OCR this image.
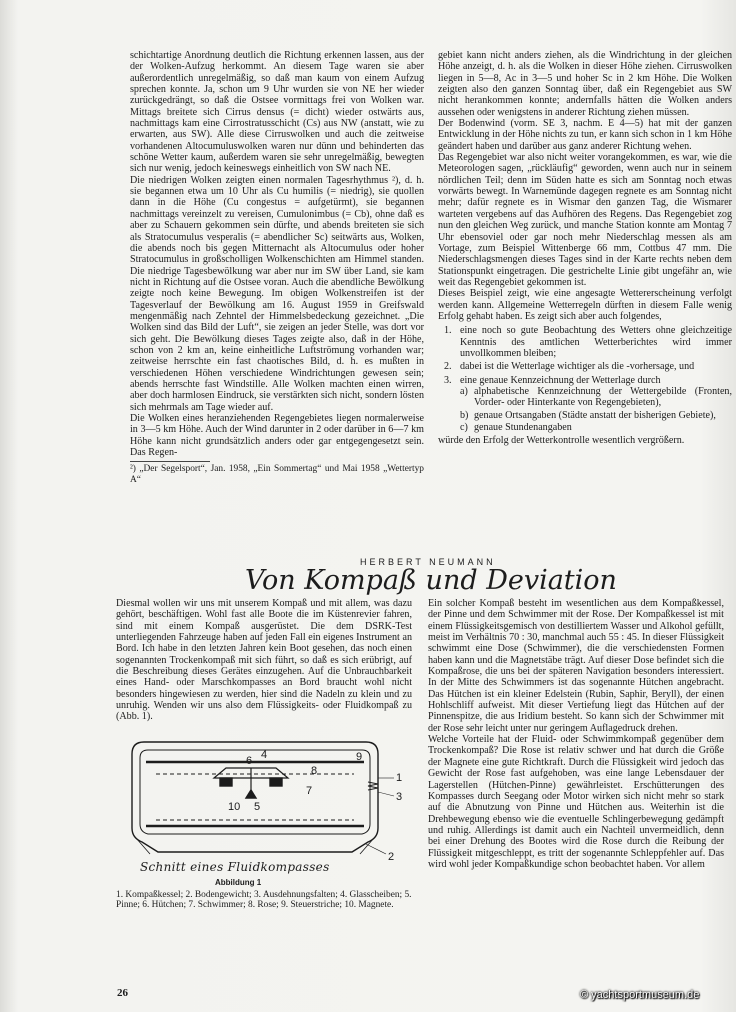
schichtartige Anordnung deutlich die Richtung erkennen lassen, aus der der Wolken-Aufzug herkommt. An diesem Tage waren sie aber außerordentlich unregelmäßig, so daß man kaum von einem Aufzug sprechen konnte. Ja, schon um 9 Uhr wurden sie von NE her wieder zurückgedrängt, so daß die Ostsee vormittags frei von Wolken war. Mittags breitete sich Cirrus densus (= dicht) wieder ostwärts aus, nachmittags kam eine Cirrostratusschicht (Cs) aus NW (anstatt, wie zu erwarten, aus SW). Alle diese Cirruswolken und auch die zeitweise vorhandenen Altocumuluswolken waren nur dünn und behinderten das schöne Wetter kaum, außerdem waren sie sehr unregelmäßig, bewegten sich nur wenig, jedoch keineswegs einheitlich von SW nach NE.

Die niedrigen Wolken zeigten einen normalen Tagesrhythmus ²), d. h. sie begannen etwa um 10 Uhr als Cu humilis (= niedrig), sie quollen dann in die Höhe (Cu congestus = aufgetürmt), sie begannen nachmittags vereinzelt zu vereisen, Cumulonimbus (= Cb), ohne daß es aber zu Schauern gekommen sein dürfte, und abends breiteten sie sich als Stratocumulus vesperalis (= abendlicher Sc) seitwärts aus, Wolken, die abends noch bis gegen Mitternacht als Altocumulus oder hoher Stratocumulus in großscholligen Wolkenschichten am Himmel standen. Die niedrige Tagesbewölkung war aber nur im SW über Land, sie kam nicht in Richtung auf die Ostsee voran. Auch die abendliche Bewölkung zeigte noch keine Bewegung. Im obigen Wolkenstreifen ist der Tagesverlauf der Bewölkung am 16. August 1959 in Greifswald mengenmäßig nach Zehntel der Himmelsbedeckung gezeichnet. „Die Wolken sind das Bild der Luft“, sie zeigen an jeder Stelle, was dort vor sich geht. Die Bewölkung dieses Tages zeigte also, daß in der Höhe, schon von 2 km an, keine einheitliche Luftströmung vorhanden war; zeitweise herrschte ein fast chaotisches Bild, d. h. es mußten in verschiedenen Höhen verschiedene Windrichtungen gewesen sein; abends herrschte fast Windstille. Alle Wolken machten einen wirren, aber doch harmlosen Eindruck, sie verstärkten sich nicht, sondern lösten sich mehrmals am Tage wieder auf.

Die Wolken eines heranziehenden Regengebietes liegen normalerweise in 3—5 km Höhe. Auch der Wind darunter in 2 oder darüber in 6—7 km Höhe kann nicht grundsätzlich anders oder gar entgegengesetzt sein. Das Regen-

²) „Der Segelsport“, Jan. 1958, „Ein Sommertag“ und Mai 1958 „Wettertyp A“

gebiet kann nicht anders ziehen, als die Windrichtung in der gleichen Höhe anzeigt, d. h. als die Wolken in dieser Höhe ziehen. Cirruswolken liegen in 5—8, Ac in 3—5 und hoher Sc in 2 km Höhe. Die Wolken zeigten also den ganzen Sonntag über, daß ein Regengebiet aus SW nicht herankommen konnte; andernfalls hätten die Wolken anders aussehen oder wenigstens in anderer Richtung ziehen müssen.

Der Bodenwind (vorm. SE 3, nachm. E 4—5) hat mit der ganzen Entwicklung in der Höhe nichts zu tun, er kann sich schon in 1 km Höhe geändert haben und darüber aus ganz anderer Richtung wehen.

Das Regengebiet war also nicht weiter vorangekommen, es war, wie die Meteorologen sagen, „rückläufig“ geworden, wenn auch nur in seinem nördlichen Teil; denn im Süden hatte es sich am Sonntag noch etwas vorwärts bewegt. In Warnemünde dagegen regnete es am Sonntag nicht mehr; dafür regnete es in Wismar den ganzen Tag, die Wismarer warteten vergebens auf das Aufhören des Regens. Das Regengebiet zog nun den gleichen Weg zurück, und manche Station konnte am Montag 7 Uhr ebensoviel oder gar noch mehr Niederschlag messen als am Vortage, zum Beispiel Wittenberge 66 mm, Cottbus 47 mm. Die Niederschlagsmengen dieses Tages sind in der Karte rechts neben dem Stationspunkt eingetragen. Die gestrichelte Linie gibt ungefähr an, wie weit das Regengebiet gekommen ist.

Dieses Beispiel zeigt, wie eine angesagte Wettererscheinung verfolgt werden kann. Allgemeine Wetterregeln dürften in diesem Falle wenig Erfolg gehabt haben. Es zeigt sich aber auch folgendes,

1. eine noch so gute Beobachtung des Wetters ohne gleichzeitige Kenntnis des amtlichen Wetterberichtes wird immer unvollkommen bleiben;
2. dabei ist die Wetterlage wichtiger als die -vorhersage, und
3. eine genaue Kennzeichnung der Wetterlage durch
a) alphabetische Kennzeichnung der Wettergebilde (Fronten, Vorder- oder Hinterkante von Regengebieten),
b) genaue Ortsangaben (Städte anstatt der bisherigen Gebiete),
c) genaue Stundenangaben

würde den Erfolg der Wetterkontrolle wesentlich vergrößern.

HERBERT NEUMANN
Von Kompaß und Deviation

Diesmal wollen wir uns mit unserem Kompaß und mit allem, was dazu gehört, beschäftigen. Wohl fast alle Boote die im Küstenrevier fahren, sind mit einem Kompaß ausgerüstet. Die dem DSRK-Test unterliegenden Fahrzeuge haben auf jeden Fall ein eigenes Instrument an Bord. Ich habe in den letzten Jahren kein Boot gesehen, das noch einen sogenannten Trockenkompaß mit sich führt, so daß es sich erübrigt, auf die Beschreibung dieses Gerätes einzugehen. Auf die Unbrauchbarkeit eines Hand- oder Marschkompasses an Bord braucht wohl nicht besonders hingewiesen zu werden, hier sind die Nadeln zu klein und zu unruhig. Wenden wir uns also dem Flüssigkeits- oder Fluidkompaß zu (Abb. 1).

1
2
3
4
5
6
7
8
9
10
Schnitt eines Fluidkompasses
Abbildung 1
1. Kompaßkessel; 2. Bodengewicht; 3. Ausdehnungsfalten; 4. Glasscheiben; 5. Pinne; 6. Hütchen; 7. Schwimmer; 8. Rose; 9. Steuerstriche; 10. Magnete.

Ein solcher Kompaß besteht im wesentlichen aus dem Kompaßkessel, der Pinne und dem Schwimmer mit der Rose. Der Kompaßkessel ist mit einem Flüssigkeitsgemisch von destilliertem Wasser und Alkohol gefüllt, meist im Verhältnis 70 : 30, manchmal auch 55 : 45. In dieser Flüssigkeit schwimmt eine Dose (Schwimmer), die die verschiedensten Formen haben kann und die Magnetstäbe trägt. Auf dieser Dose befindet sich die Kompaßrose, die uns bei der späteren Navigation besonders interessiert. In der Mitte des Schwimmers ist das sogenannte Hütchen angebracht. Das Hütchen ist ein kleiner Edelstein (Rubin, Saphir, Beryll), der einen Hohlschliff aufweist. Mit dieser Vertiefung liegt das Hütchen auf der Pinnenspitze, die aus Iridium besteht. So kann sich der Schwimmer mit der Rose sehr leicht unter nur geringem Auflagedruck drehen.

Welche Vorteile hat der Fluid- oder Schwimmkompaß gegenüber dem Trockenkompaß? Die Rose ist relativ schwer und hat durch die Größe der Magnete eine gute Richtkraft. Durch die Flüssigkeit wird jedoch das Gewicht der Rose fast aufgehoben, was eine lange Lebensdauer der Lagerstellen (Hütchen-Pinne) gewährleistet. Erschütterungen des Kompasses durch Seegang oder Motor wirken sich nicht mehr so stark auf die Abnutzung von Pinne und Hütchen aus. Weiterhin ist die Drehbewegung ebenso wie die eventuelle Schlingerbewegung gedämpft und ruhig. Allerdings ist damit auch ein Nachteil unvermeidlich, denn bei einer Drehung des Bootes wird die Rose durch die Reibung der Flüssigkeit mitgeschleppt, es tritt der sogenannte Schleppfehler auf. Das wird wohl jeder Kompaßkundige schon beobachtet haben. Vor allem

26	© yachtsportmuseum.de
